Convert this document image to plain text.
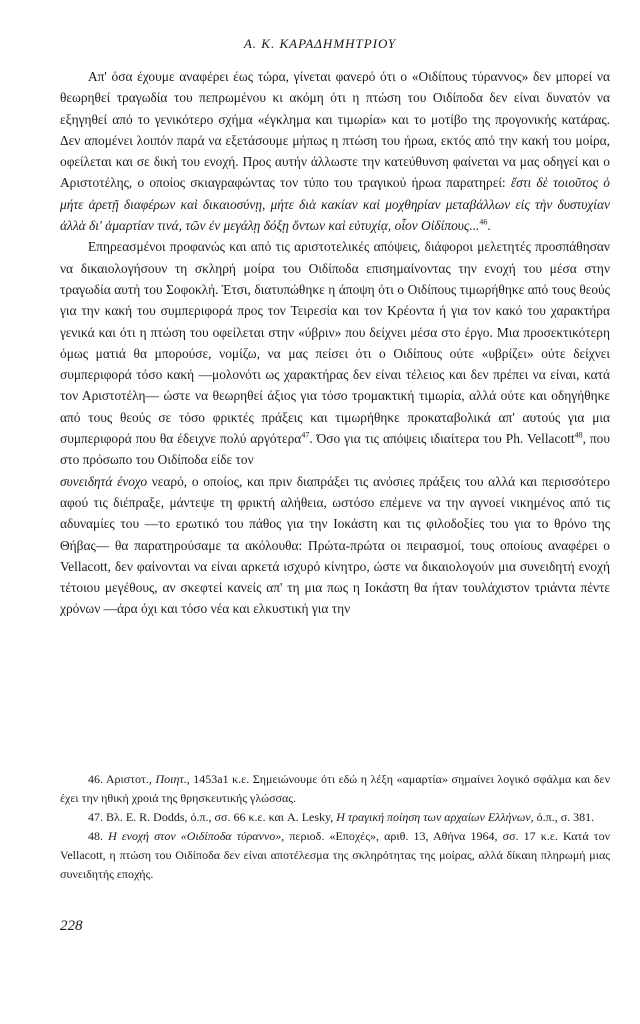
Α. Κ. ΚΑΡΑΔΗΜΗΤΡΙΟΥ

Απ' όσα έχουμε αναφέρει έως τώρα, γίνεται φανερό ότι ο «Οιδίπους τύραννος» δεν μπορεί να θεωρηθεί τραγωδία του πεπρωμένου κι ακόμη ότι η πτώση του Οιδίποδα δεν είναι δυνατόν να εξηγηθεί από το γενικότερο σχήμα «έγκλημα και τιμωρία» και το μοτίβο της προγονικής κατάρας. Δεν απομένει λοιπόν παρά να εξετάσουμε μήπως η πτώση του ήρωα, εκτός από την κακή του μοίρα, οφείλεται και σε δική του ενοχή. Προς αυτήν άλλωστε την κατεύθυνση φαίνεται να μας οδηγεί και ο Αριστοτέλης, ο οποίος σκιαγραφώντας τον τύπο του τραγικού ήρωα παρατηρεί: ἔστι δὲ τοιοῦτος ὁ μήτε ἀρετῇ διαφέρων καὶ δικαιοσύνῃ, μήτε διὰ κακίαν καὶ μοχθηρίαν μεταβάλλων εἰς τὴν δυστυχίαν ἀλλὰ δι' ἁμαρτίαν τινά, τῶν ἐν μεγάλῃ δόξῃ ὄντων καὶ εὐτυχίᾳ, οἷον Οἰδίπους...$^{46}$.

Επηρεασμένοι προφανώς και από τις αριστοτελικές απόψεις, διάφοροι μελετητές προσπάθησαν να δικαιολογήσουν τη σκληρή μοίρα του Οιδίποδα επισημαίνοντας την ενοχή του μέσα στην τραγωδία αυτή του Σοφοκλή. Έτσι, διατυπώθηκε η άποψη ότι ο Οιδίπους τιμωρήθηκε από τους θεούς για την κακή του συμπεριφορά προς τον Τειρεσία και τον Κρέοντα ή για τον κακό του χαρακτήρα γενικά και ότι η πτώση του οφείλεται στην «ύβριν» που δείχνει μέσα στο έργο. Μια προσεκτικότερη όμως ματιά θα μπορούσε, νομίζω, να μας πείσει ότι ο Οιδίπους ούτε «υβρίζει» ούτε δείχνει συμπεριφορά τόσο κακή —μολονότι ως χαρακτήρας δεν είναι τέλειος και δεν πρέπει να είναι, κατά τον Αριστοτέλη— ώστε να θεωρηθεί άξιος για τόσο τρομακτική τιμωρία, αλλά ούτε και οδηγήθηκε από τους θεούς σε τόσο φρικτές πράξεις και τιμωρήθηκε προκαταβολικά απ' αυτούς για μια συμπεριφορά που θα έδειχνε πολύ αργότερα$^{47}$. Όσο για τις απόψεις ιδιαίτερα του Ph. Vellacott$^{48}$, που στο πρόσωπο του Οιδίποδα είδε τον
συνειδητά ένοχο νεαρό, ο οποίος, και πριν διαπράξει τις ανόσιες πράξεις του αλλά και περισσότερο αφού τις διέπραξε, μάντεψε τη φρικτή αλήθεια, ωστόσο επέμενε να την αγνοεί νικημένος από τις αδυναμίες του —το ερωτικό του πάθος για την Ιοκάστη και τις φιλοδοξίες του για το θρόνο της Θήβας— θα παρατηρούσαμε τα ακόλουθα: Πρώτα-πρώτα οι πειρασμοί, τους οποίους αναφέρει ο Vellacott, δεν φαίνονται να είναι αρκετά ισχυρό κίνητρο, ώστε να δικαιολογούν μια συνειδητή ενοχή τέτοιου μεγέθους, αν σκεφτεί κανείς απ' τη μια πως η Ιοκάστη θα ήταν τουλάχιστον τριάντα πέντε χρόνων —άρα όχι και τόσο νέα και ελκυστική για την

46. Αριστοτ., Ποιητ., 1453a1 κ.ε. Σημειώνουμε ότι εδώ η λέξη «αμαρτία» σημαίνει λογικό σφάλμα και δεν έχει την ηθική χροιά της θρησκευτικής γλώσσας.

47. Βλ. E. R. Dodds, ό.π., σσ. 66 κ.ε. και A. Lesky, Η τραγική ποίηση των αρχαίων Ελλήνων, ό.π., σ. 381.

48. Η ενοχή στον «Οιδίποδα τύραννο», περιοδ. «Εποχές», αριθ. 13, Αθήνα 1964, σσ. 17 κ.ε. Κατά τον Vellacott, η πτώση του Οιδίποδα δεν είναι αποτέλεσμα της σκληρότητας της μοίρας, αλλά δίκαιη πληρωμή μιας συνειδητής εποχής.

228
